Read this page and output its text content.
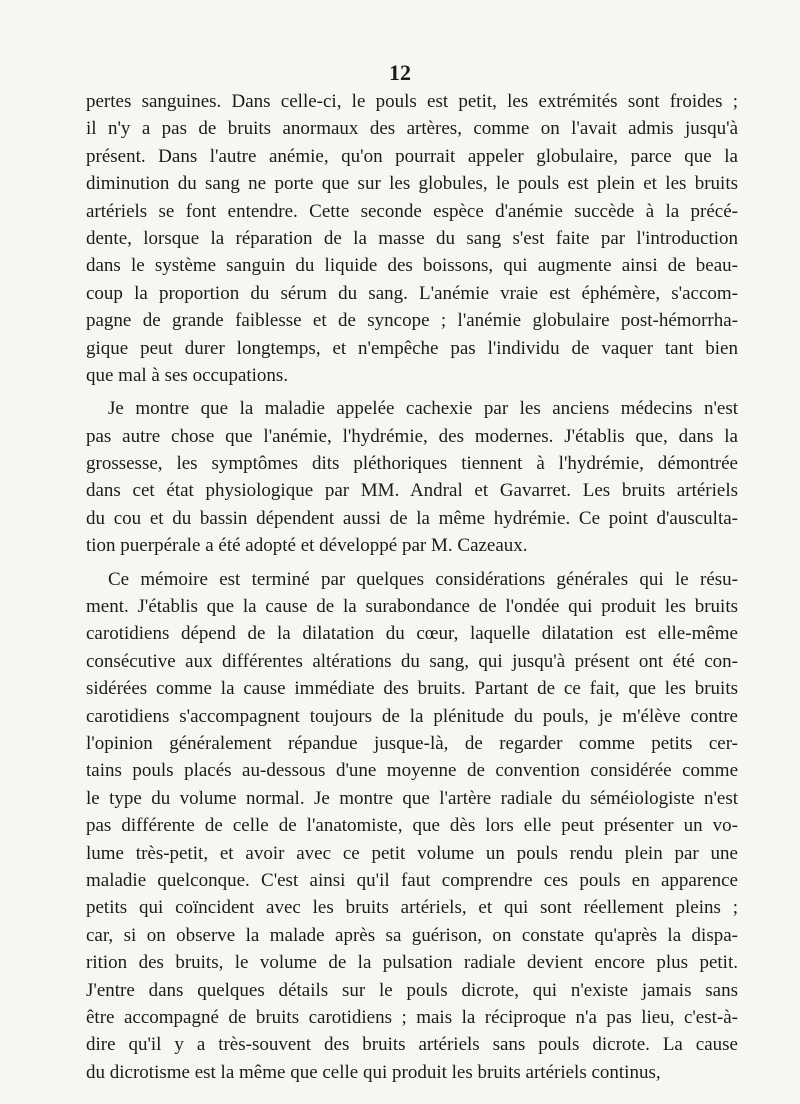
12
pertes sanguines. Dans celle-ci, le pouls est petit, les extrémités sont froides ;
il n'y a pas de bruits anormaux des artères, comme on l'avait admis jusqu'à
présent. Dans l'autre anémie, qu'on pourrait appeler globulaire, parce que la
diminution du sang ne porte que sur les globules, le pouls est plein et les bruits
artériels se font entendre. Cette seconde espèce d'anémie succède à la précé-
dente, lorsque la réparation de la masse du sang s'est faite par l'introduction
dans le système sanguin du liquide des boissons, qui augmente ainsi de beau-
coup la proportion du sérum du sang. L'anémie vraie est éphémère, s'accom-
pagne de grande faiblesse et de syncope ; l'anémie globulaire post-hémorrha-
gique peut durer longtemps, et n'empêche pas l'individu de vaquer tant bien
que mal à ses occupations.
Je montre que la maladie appelée cachexie par les anciens médecins n'est
pas autre chose que l'anémie, l'hydrémie, des modernes. J'établis que, dans la
grossesse, les symptômes dits pléthoriques tiennent à l'hydrémie, démontrée
dans cet état physiologique par MM. Andral et Gavarret. Les bruits artériels
du cou et du bassin dépendent aussi de la même hydrémie. Ce point d'ausculta-
tion puerpérale a été adopté et développé par M. Cazeaux.
Ce mémoire est terminé par quelques considérations générales qui le résu-
ment. J'établis que la cause de la surabondance de l'ondée qui produit les bruits
carotidiens dépend de la dilatation du cœur, laquelle dilatation est elle-même
consécutive aux différentes altérations du sang, qui jusqu'à présent ont été con-
sidérées comme la cause immédiate des bruits. Partant de ce fait, que les bruits
carotidiens s'accompagnent toujours de la plénitude du pouls, je m'élève contre
l'opinion généralement répandue jusque-là, de regarder comme petits cer-
tains pouls placés au-dessous d'une moyenne de convention considérée comme
le type du volume normal. Je montre que l'artère radiale du séméiologiste n'est
pas différente de celle de l'anatomiste, que dès lors elle peut présenter un vo-
lume très-petit, et avoir avec ce petit volume un pouls rendu plein par une
maladie quelconque. C'est ainsi qu'il faut comprendre ces pouls en apparence
petits qui coïncident avec les bruits artériels, et qui sont réellement pleins ;
car, si on observe la malade après sa guérison, on constate qu'après la dispa-
rition des bruits, le volume de la pulsation radiale devient encore plus petit.
J'entre dans quelques détails sur le pouls dicrote, qui n'existe jamais sans
être accompagné de bruits carotidiens ; mais la réciproque n'a pas lieu, c'est-à-
dire qu'il y a très-souvent des bruits artériels sans pouls dicrote. La cause
du dicrotisme est la même que celle qui produit les bruits artériels continus,
